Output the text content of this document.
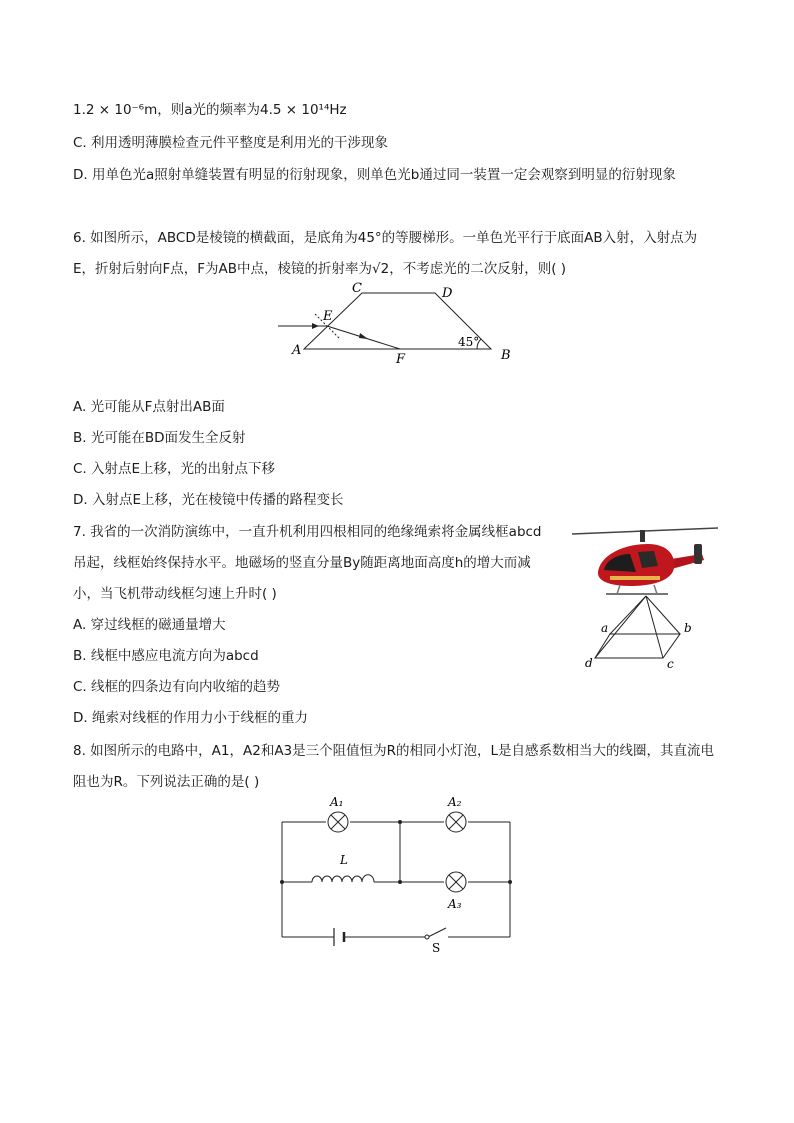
1.2 × 10⁻⁶m，则a光的频率为4.5 × 10¹⁴Hz
C. 利用透明薄膜检查元件平整度是利用光的干涉现象
D. 用单色光a照射单缝装置有明显的衍射现象，则单色光b通过同一装置一定会观察到明显的衍射现象
6. 如图所示，ABCD是棱镜的横截面，是底角为45°的等腰梯形。一单色光平行于底面AB入射，入射点为
E，折射后射向F点，F为AB中点，棱镜的折射率为√2，不考虑光的二次反射，则( )
A	B
C	D
E
F
45°
A. 光可能从F点射出AB面
B. 光可能在BD面发生全反射
C. 入射点E上移，光的出射点下移
D. 入射点E上移，光在棱镜中传播的路程变长
7. 我省的一次消防演练中，一直升机利用四根相同的绝缘绳索将金属线框abcd
吊起，线框始终保持水平。地磁场的竖直分量By随距离地面高度h的增大而减
小，当飞机带动线框匀速上升时( )
A. 穿过线框的磁通量增大
B. 线框中感应电流方向为abcd
C. 线框的四条边有向内收缩的趋势
D. 绳索对线框的作用力小于线框的重力
a	b
c
d
8. 如图所示的电路中，A1，A2和A3是三个阻值恒为R的相同小灯泡，L是自感系数相当大的线圈，其直流电
阻也为R。下列说法正确的是( )
A₁	A₂
A₃
L
S
